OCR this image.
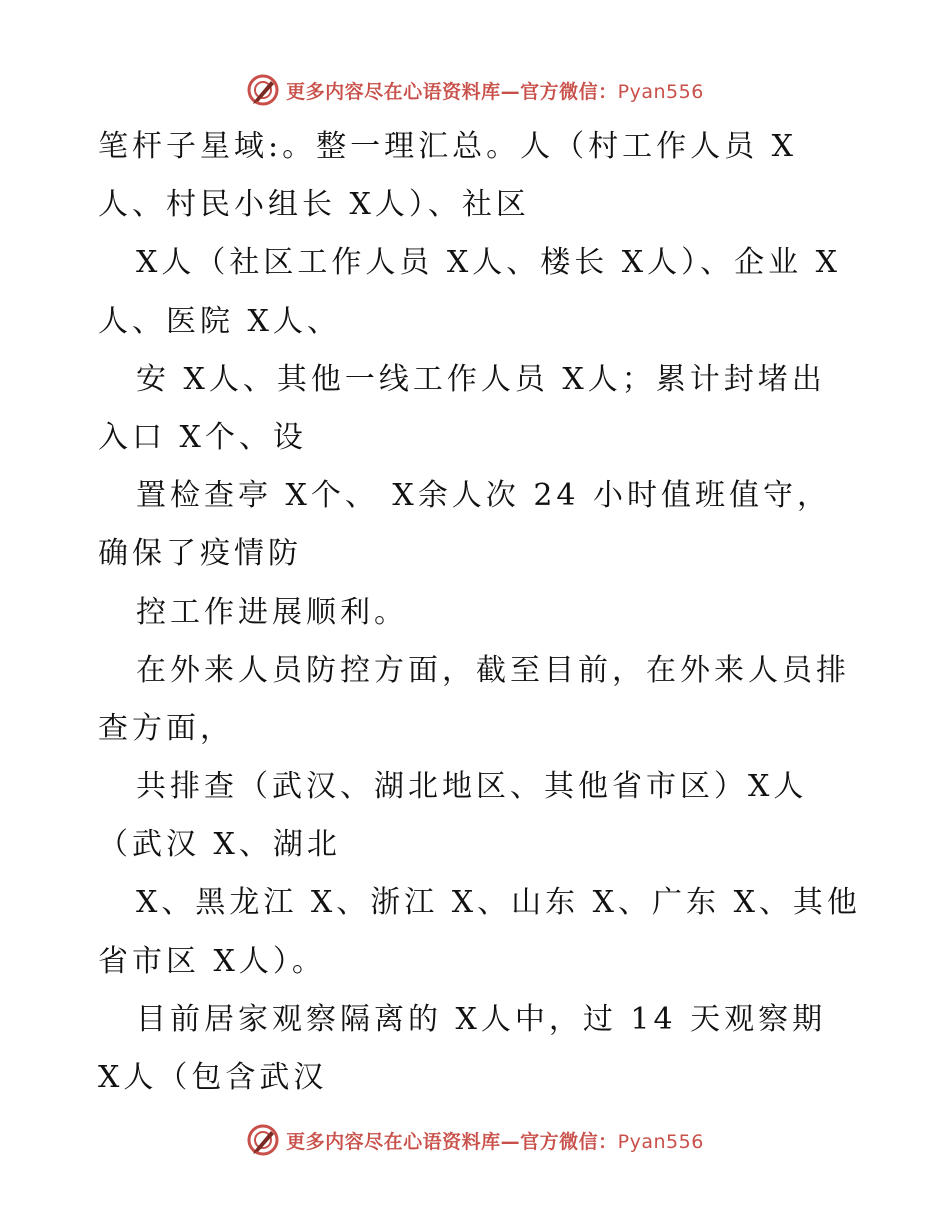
更多内容尽在心语资料库—官方微信：Pyan556
笔杆子星域:。整一理汇总。人（村工作人员 X
人、村民小组长 X人）、社区
X人（社区工作人员 X人、楼长 X人）、企业 X
人、医院 X人、
安 X人、其他一线工作人员 X人；累计封堵出
入口 X个、设
置检查亭 X个、 X余人次 24 小时值班值守，
确保了疫情防
控工作进展顺利。
在外来人员防控方面，截至目前，在外来人员排
查方面，
共排查（武汉、湖北地区、其他省市区）X人
（武汉 X、湖北
X、黑龙江 X、浙江 X、山东 X、广东 X、其他
省市区 X人）。
目前居家观察隔离的 X人中，过 14 天观察期
X人（包含武汉
更多内容尽在心语资料库—官方微信：Pyan556
